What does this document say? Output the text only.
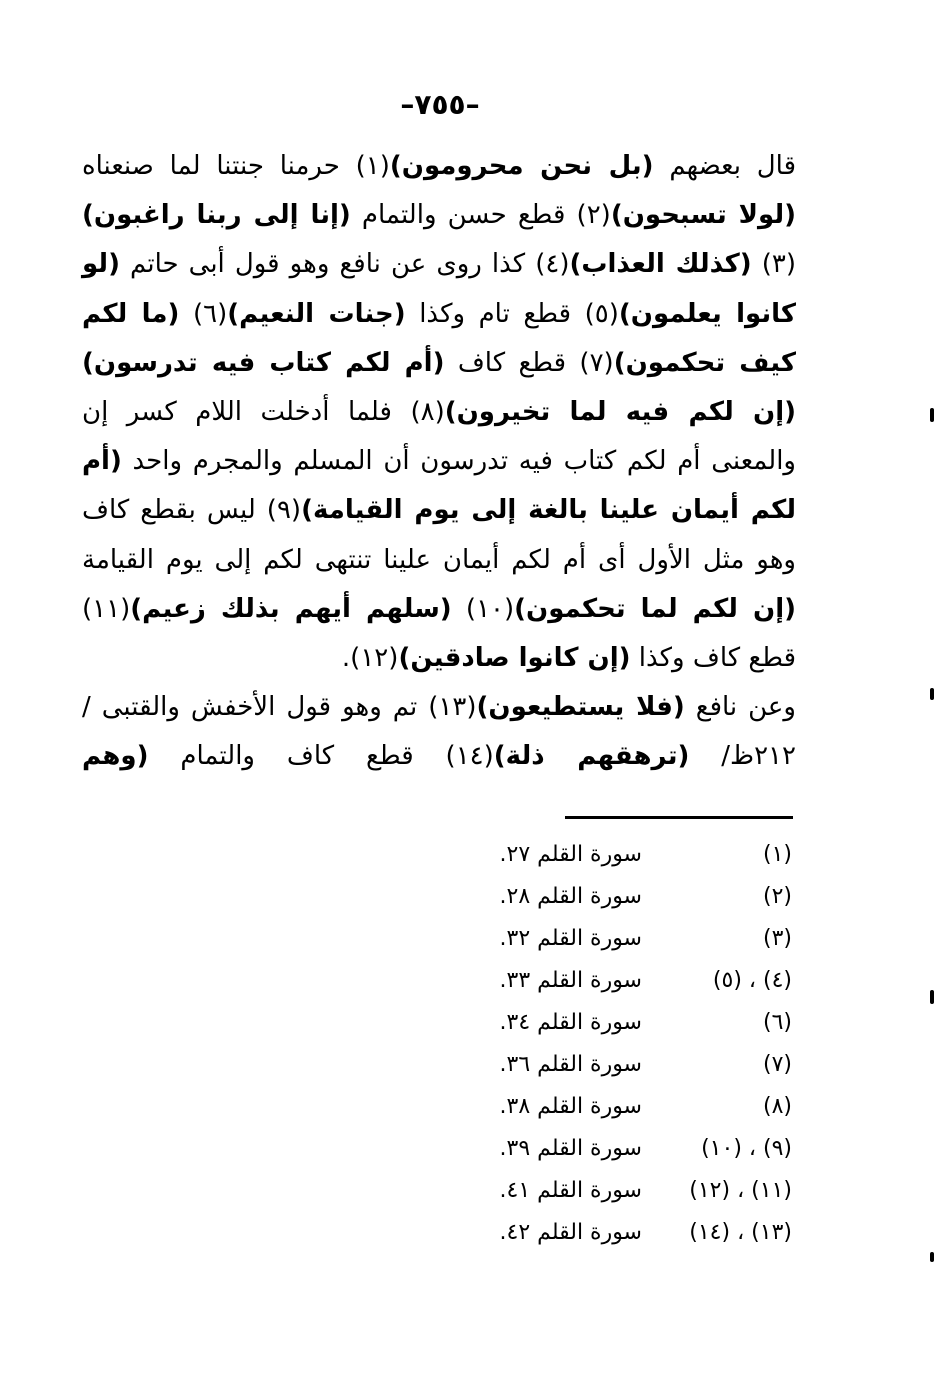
–٧٥٥–

قال بعضهم (بل نحن محرومون)(١) حرمنا جنتنا لما صنعناه (لولا تسبحون)(٢) قطع حسن والتمام (إنا إلى ربنا راغبون)(٣) (كذلك العذاب)(٤) كذا روى عن نافع وهو قول أبى حاتم (لو كانوا يعلمون)(٥) قطع تام وكذا (جنات النعيم)(٦) (ما لكم كيف تحكمون)(٧) قطع كاف (أم لكم كتاب فيه تدرسون) (إن لكم فيه لما تخيرون)(٨) فلما أدخلت اللام كسر إن والمعنى أم لكم كتاب فيه تدرسون أن المسلم والمجرم واحد (أم لكم أيمان علينا بالغة إلى يوم القيامة)(٩) ليس بقطع كاف وهو مثل الأول أى أم لكم أيمان علينا تنتهى لكم إلى يوم القيامة (إن لكم لما تحكمون)(١٠) (سلهم أيهم بذلك زعيم)(١١) قطع كاف وكذا (إن كانوا صادقين)(١٢).

وعن نافع (فلا يستطيعون)(١٣) تم وهو قول الأخفش والقتبى /٢١٢ظ/ (ترهقهم ذلة)(١٤) قطع كاف والتمام (وهم

(١)
سورة القلم ٢٧.
(٢)
سورة القلم ٢٨.
(٣)
سورة القلم ٣٢.
(٤) ، (٥)
سورة القلم ٣٣.
(٦)
سورة القلم ٣٤.
(٧)
سورة القلم ٣٦.
(٨)
سورة القلم ٣٨.
(٩) ، (١٠)
سورة القلم ٣٩.
(١١) ، (١٢)
سورة القلم ٤١.
(١٣) ، (١٤)
سورة القلم ٤٢.
